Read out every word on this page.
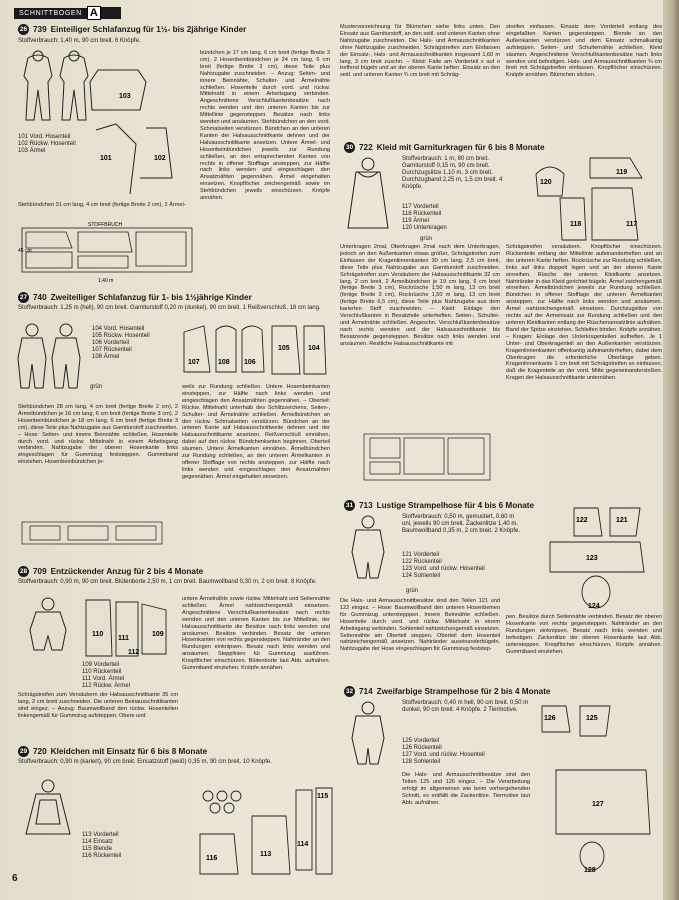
SCHNITTBOGEN A
26 739 Einteiliger Schlafanzug für 1½- bis 2jährige Kinder
Stoffverbrauch: 1,40 m, 90 cm breit. 6 Knöpfe.
103
101	102
101 Vord. Hosenteil
102 Rückw. Hosenteil
103 Ärmel
bündchen je 17 cm lang, 6 cm breit (fertige Breite 3 cm), 2 Hosenbeinbündchen je 24 cm lang, 6 cm breit (fertige Breite 3 cm), diese Teile plus Nahtzugabe zuschneiden. – Anzug: Seiten- und innere Beinnähte, Schulter- und Ärmelnähte schließen. Hosenteile durch vord. und rückw. Mittelnaht in einem Arbeitsgang verbinden. Angeschnittene Verschlußkantenbesätze nach rechts wenden und den unteren Kanten bis zur Mittellinie gegensteppen. Besätze nach links wenden und ansäumen. Stehbündchen an den vord. Schmalseiten verstürzen. Bündchen an den unteren Kanten der Halsausschnittkante dehnen und der Halsausschnittkante ansetzen. Untere Ärmel- und Hosenbeinbündchen jeweils zur Rundung schließen, an den entsprechenden Kanten von rechts in offener Stofflage ansteppen, zur Hälfte nach links wenden und eingeschlagen den Ansatznähten gegennähen. Ärmel eingehalten einsetzen. Knopflöcher zeichengemäß sowie im Stehbündchen jeweils einschürzen. Knöpfe annähen.
Stehbündchen 31 cm lang, 4 cm breit (fertige Breite 2 cm), 2 Ärmel-
STOFFBRUCH
1,40 m
45 cm
27 740 Zweiteiliger Schlafanzug für 1- bis 1½jährige Kinder
Stoffverbrauch: 1,25 m (hell), 90 cm breit. Garniturstoff 0,20 m (dunkel), 90 cm breit. 1 Reißverschluß, 18 cm lang.
104 Vord. Hosenteil
105 Rückw. Hosenteil
106 Vorderteil
107 Rückenteil
108 Ärmel
107	108 106
105	104
grün
Stehbündchen 28 cm lang, 4 cm breit (fertige Breite 2 cm), 2 Ärmelbündchen je 16 cm lang, 6 cm breit (fertige Breite 3 cm), 2 Hosenbeinbündchen je 18 cm lang, 6 cm breit (fertige Breite 3 cm), diese Teile plus Nahtzugabe aus Garniturstoff zuschneiden. – Hose: Seiten- und innere Beinnähte schließen. Hosenteile durch vord. und rückw. Mittelnaht in einem Arbeitsgang verbinden. Nahtzugabe der oberen Hosenkante links eingeschlagen für Gummizug feststeppen. Gummiband einziehen. Hosenbeinbündchen je-
weils zur Rundung schließen. Untere Hosenbeinkanten einsteppen, zur Hälfte nach links wenden und eingeschlagen den Ansatznähten gegennähen. – Oberteil: Rückw. Mittelnaht unterhalb des Schlitzzeichens, Seiten-, Schulter- und Ärmelnähte schließen. Ärmelbündchen an den rückw. Schmalseiten verstürzen. Bündchen an der unteren Kante auf Halsausschnittweite dehnen und der Halsausschnittkante ansetzen. Reißverschluß einnähen, dabei auf den rückw. Bündchenkanten beginnen. Oberteil säumen. Untere Ärmelkanten einnähen. Ärmelbündchen zur Rundung schließen, an den unteren Ärmelkanten in offener Stofflage von rechts ansteppen, zur Hälfte nach links wenden und eingeschlagen den Ansatznähten gegennähen. Ärmel eingehalten einsetzen.
28 709 Entzückender Anzug für 2 bis 4 Monate
Stoffverbrauch: 0,90 m, 90 cm breit. Blütenborte 2,50 m, 1 cm breit. Baumwollband 0,30 m, 2 cm breit. 8 Knöpfe.
110
111
112
109
109 Vorderteil
110 Rückenteil
111 Vord. Ärmel
112 Rückw. Ärmel
Schrägstreifen zum Versäubern der Halsausschnittkante 35 cm lang, 2 cm breit zuschneiden. Die unteren Beinausschnittkanten sind eingez. – Anzug: Baumwollband den rückw. Hosenteilen linkengemäß für Gummizug aufsteppen. Obere und
untere Ärmelnähte sowie rückw. Mittelnaht und Seitennähte schließen. Ärmel nahtzeichengemäß einsetzen. Angeschnittene Verschlußkantenbesätze nach rechts wenden und den unteren Kanten bis zur Mittellinie, der Halsausschnittkante die Besätze nach links wenden und ansäumen. Besätze verbinden. Besatz der unteren Hosenkanten von rechts gegensteppen. Nahtränder an den Rundungen einknipsen. Besatz nach links wenden und ansäumen. Stepplinien für Gummizug ausführen. Knopflöcher einschürzen. Blütenborte laut Abb. aufnähen. Gummiband einziehen. Knöpfe annähen.
29 720 Kleidchen mit Einsatz für 6 bis 8 Monate
Stoffverbrauch: 0,90 m (kariert), 90 cm breit. Einsatzstoff (weiß) 0,35 m, 90 cm breit. 10 Knöpfe.
113 Vorderteil
114 Einsatz
115 Blende
116 Rückenteil	116
113
114
115
6
Mustervorzeichnung für Blümchen siehe links unten. Den Einsatz aus Garniturstoff, an den seitl. und unteren Kanten ohne Nahtzugabe zuschneiden. Die Hals- und Armausschnittkanten ohne Nahtzugabe zuschneiden. Schrägstreifen zum Einfassen der Einsatz-, Hals- und Armausschnittkanten insgesamt 1,60 m lang, 3 cm breit zuschn. – Kleid: Falte am Vorderteil x auf o treffend bügeln und an der oberen Kante heften. Einsatz an den seitl. und unteren Kanten ¾ cm breit mit Schräg-
streifen einfassen. Einsatz dem Vorderteil entlang des eingefaßten Kanten gegensteppen. Blende an den Außenkanten verstürzen und dem Einsatz schmalkantig aufsteppen. Seiten- und Schulternähte schließen. Kleid säumen. Angeschnittene Verschlußkantenbesätze nach links wenden und befestigen. Hals- und Armausschnittkanten ¾ cm breit mit Schrägstreifen einfassen. Knopflöcher einschürzen. Knöpfe annähen. Blümchen sticken.
30 722 Kleid mit Garniturkragen für 6 bis 8 Monate
Stoffverbrauch: 1 m, 80 cm breit. Garniturstoff 0,15 m, 90 cm breit. Durchzugslitze 1,10 m, 3 cm breit. Durchzugband 2,25 m, 1,5 cm breit. 4 Knöpfe.
117 Vorderteil
118 Rückenteil
119 Ärmel
120 Unterkragen
grün
120
119
118	117
Unterkragen 2mal, Oberkragen 2mal nach dem Unterkragen, jedoch an den Außenkanten etwas größer, Schrägstreifen zum Einfassen der Kragenlinnenkanten 30 cm lang, 2,5 cm breit, diese Teile plus Nahtzugabe aus Garniturstoff zuschneiden. Schrägstreifen zum Versäubern der Halsausschnittkante 32 cm lang, 2 cm breit, 2 Ärmelbündchen je 19 cm lang, 6 cm breit (fertige Breite 3 cm), Rockrüsche 1,50 m lang, 13 cm breit (fertige Breite 3 cm), Rockrüsche 1,50 m lang, 13 cm breit (fertige Breite 6,5 cm), diese Teile plus Nahtzugabe aus dem karierten Stoff zuschneiden. – Kleid: Einlage den Verschlußkanten in Besatzteile unterheften. Seiten-, Schulter- und Ärmelnähte schließen. Angeschn. Verschlußkantenbesätze nach rechts wenden und der Halsausschnittkante bis Besatzende gegensteppen. Besätze nach links wenden und ansäumen. Restliche Halsausschnittkante mit
Schrägstreifen versäubern. Knopflöcher einschürzen. Rückenteile entlang der Mittellinie aufeinanderheften und an der unteren Kante heften. Rockrüsche zur Rundung schließen, links auf links doppelt legen und an der oberen Kante einreihen. Rüsche der unteren Kleidkante ansetzen. Nahtränder in das Kleid gerichtet bügeln. Ärmel zeichengemäß einreihen. Ärmelbündchen jeweils zur Rundung schließen. Bündchen in offener Stofflage der unteren Ärmelkanten ansteppen, zur Hälfte nach links wenden und ansäumen. Ärmel nahtzeichengemäß einsetzen. Durchzugslitze von rechts auf der Armeinsatz zur Rundung schließen und den unteren Kleidkanten entlang der Rüschenansatzlinie aufnähen. Band der Spitze einziehen. Schleifen binden. Knöpfe annähen. – Kragen: Einlage den Unterkragenteilen aufheften. Je 1 Unter- und Oberkragenteil an den Außenkanten verstürzen. Kragenlinnenkanten offenkantig aufeinanderheften, dabei dem Oberkragen die erforderliche Überlänge geben. Kragenlinnenkante 1 cm breit mit Schrägstreifen so einfassen, daß die Kragenteile an der vord. Mitte gegeneinanderstoßen. Kragen der Halsausschnittkante unternähen.
31 713 Lustige Strampelhose für 4 bis 6 Monate
Stoffverbrauch: 0,50 m, gemustert, 0,60 m uni, jeweils 90 cm breit. Zackenlitze 1,40 m. Baumwollband 0,35 m, 2 cm breit. 2 Knöpfe.
121 Vorderteil
122 Rückenteil
123 Vord. und rückw. Hosenteil
124 Sohlenteil
grün
122	121
123
124
Die Hals- und Armausschnittbesätze sind den Teilen 121 und 122 eingez. – Hose: Baumwollband den unteren Hosenbeinen für Gummizug unterstepppen. Innere Beinnähte schließen. Hosenteile durch vord. und rückw. Mittelnaht in einem Arbeitsgang verbinden. Sohlenteil nahtzeichengemäß einsetzen. Seitennähte am Oberteil steppen. Oberteil dem Hosenteil nahtzeichengemäß ansetzen. Nahtränder auseinanderbügeln. Nahtzugabe der Hose eingeschlagen für Gummizug feststep-
pen. Besätze durch Seitennähte verbinden. Besatz der oberen Hosenkante von rechts gegensteppen. Nahtränder an den Rundungen einknipsen. Besatz nach links wenden und befestigen. Zackenlitze der oberen Hosenkante laut Abb. untersteppen. Knopflöcher einschürzen. Knöpfe annähen. Gummiband einziehen.
32 714 Zweifarbige Strampelhose für 2 bis 4 Monate
Stoffverbrauch: 0,40 m hell, 90 cm breit. 0,50 m dunkel, 90 cm breit. 4 Knöpfe. 2 Tiermotive.
125 Vorderteil
126 Rückenteil
127 Vord. und rückw. Hosenteil
128 Sohlenteil
Die Hals- und Armausschnittbesätze sind den Teilen 125 und 126 eingez. – Die Verarbeitung erfolgt im allgemeinen wie beim vorhergehenden Schnitt, es entfällt die Zackenlitze. Tiermotive laut Abb. aufnähen.
126	125
127
128
